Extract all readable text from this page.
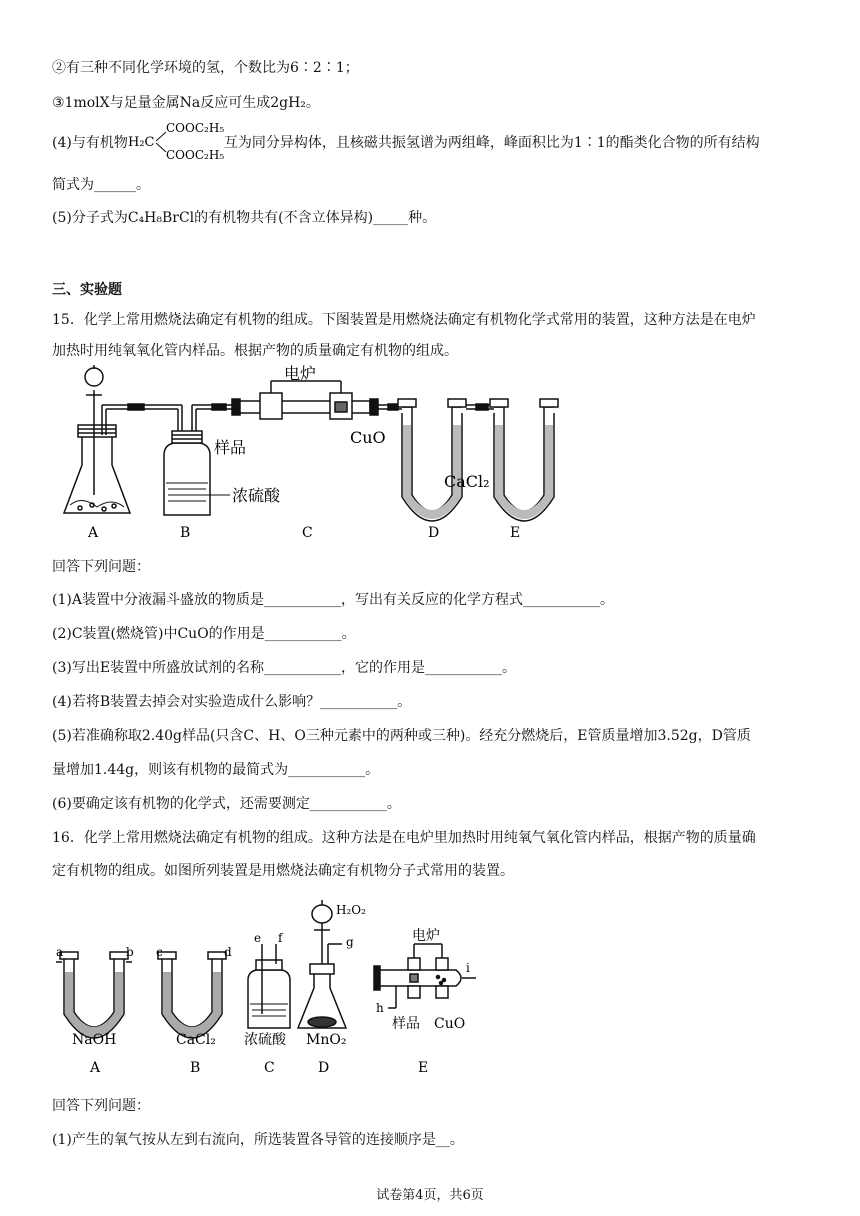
②有三种不同化学环境的氢，个数比为6∶2∶1；
③1molX与足量金属Na反应可生成2gH₂。
(4)与有机物 H₂C
COOC₂H₅
COOC₂H₅
互为同分异构体，且核磁共振氢谱为两组峰，峰面积比为1∶1的酯类化合物的所有结构
简式为______。
(5)分子式为C₄H₈BrCl的有机物共有(不含立体异构)_____种。
三、实验题
15．化学上常用燃烧法确定有机物的组成。下图装置是用燃烧法确定有机物化学式常用的装置，这种方法是在电炉
加热时用纯氧氧化管内样品。根据产物的质量确定有机物的组成。
A	B
浓硫酸
电炉
样品
CuO
C
CaCl₂
D	E
回答下列问题：
(1)A装置中分液漏斗盛放的物质是___________，写出有关反应的化学方程式___________。
(2)C装置(燃烧管)中CuO的作用是___________。
(3)写出E装置中所盛放试剂的名称___________，它的作用是___________。
(4)若将B装置去掉会对实验造成什么影响？___________。
(5)若准确称取2.40g样品(只含C、H、O三种元素中的两种或三种)。经充分燃烧后，E管质量增加3.52g，D管质
量增加1.44g，则该有机物的最简式为___________。
(6)要确定该有机物的化学式，还需要测定___________。
16．化学上常用燃烧法确定有机物的组成。这种方法是在电炉里加热时用纯氧气氧化管内样品，根据产物的质量确
定有机物的组成。如图所列装置是用燃烧法确定有机物分子式常用的装置。
a	b
NaOH
A
c	d
CaCl₂
B
e f
浓硫酸
C
H₂O₂
g
MnO₂
D
电炉
i
h
样品 CuO
E
回答下列问题：
(1)产生的氧气按从左到右流向，所选装置各导管的连接顺序是__。
试卷第4页，共6页
